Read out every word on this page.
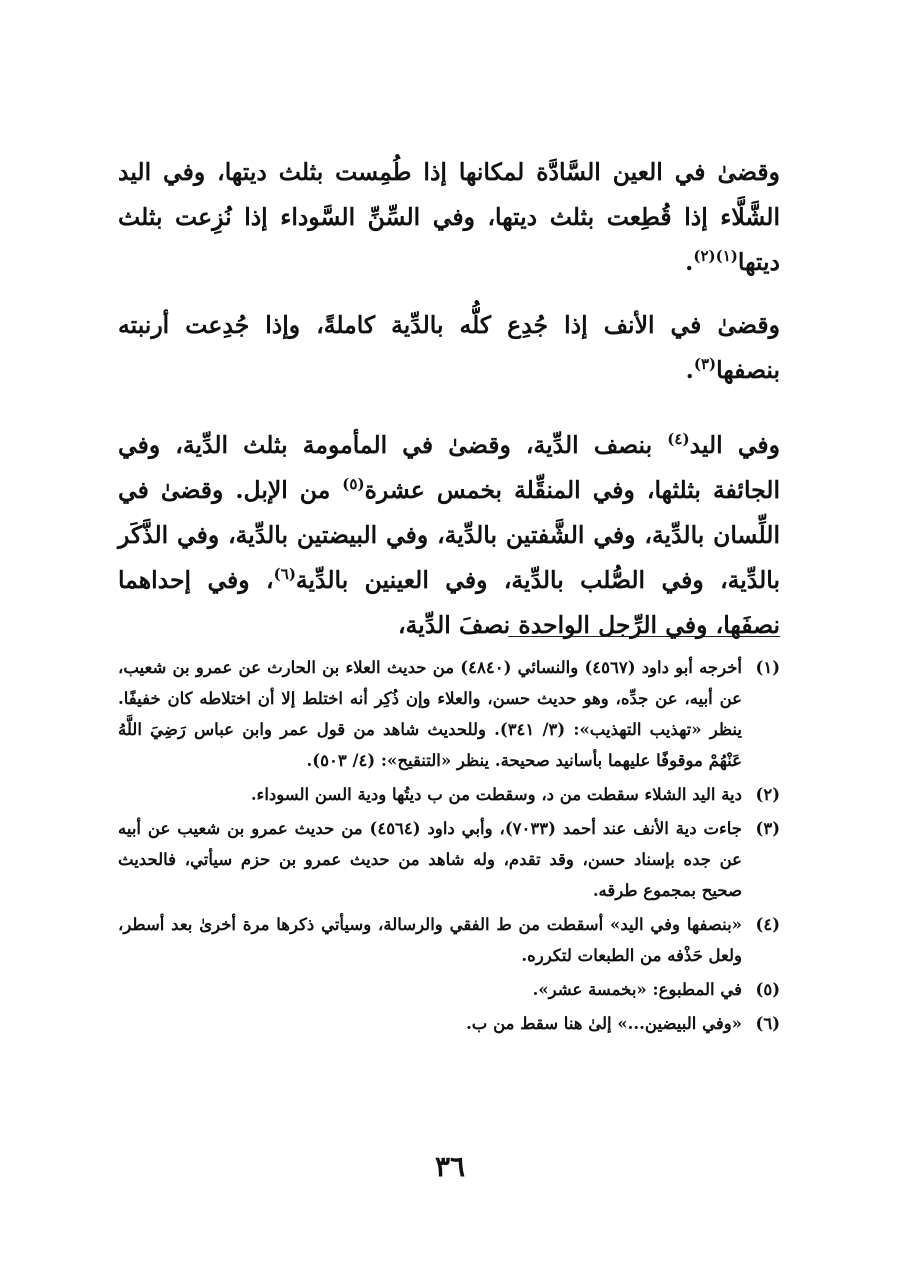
وقضىٰ في العين السَّادَّة لمكانها إذا طُمِست بثلث ديتها، وفي اليد الشَّلَّاء إذا قُطِعت بثلث ديتها، وفي السِّنِّ السَّوداء إذا نُزِعت بثلث ديتها$^{(١)(٢)}$.

وقضىٰ في الأنف إذا جُدِع كلُّه بالدِّية كاملةً، وإذا جُدِعت أرنبته بنصفها$^{(٣)}$.

وفي اليد$^{(٤)}$ بنصف الدِّية، وقضىٰ في المأمومة بثلث الدِّية، وفي الجائفة بثلثها، وفي المنقِّلة بخمس عشرة$^{(٥)}$ من الإبل. وقضىٰ في اللِّسان بالدِّية، وفي الشَّفتين بالدِّية، وفي البيضتين بالدِّية، وفي الذَّكَر بالدِّية، وفي الصُّلب بالدِّية، وفي العينين بالدِّية$^{(٦)}$، وفي إحداهما نصفَها، وفي الرِّجل الواحدة نصفَ الدِّية،

(١)
أخرجه أبو داود (٤٥٦٧) والنسائي (٤٨٤٠) من حديث العلاء بن الحارث عن عمرو بن شعيب، عن أبيه، عن جدِّه، وهو حديث حسن، والعلاء وإن ذُكِر أنه اختلط إلا أن اختلاطه كان خفيفًا. ينظر «تهذيب التهذيب»: (٣/ ٣٤١). وللحديث شاهد من قول عمر وابن عباس رَضِيَ اللَّهُ عَنْهُمْ موقوفًا عليهما بأسانيد صحيحة. ينظر «التنقيح»: (٤/ ٥٠٣).

(٢)
دية اليد الشلاء سقطت من د، وسقطت من ب ديتُها ودية السن السوداء.

(٣)
جاءت دية الأنف عند أحمد (٧٠٣٣)، وأبي داود (٤٥٦٤) من حديث عمرو بن شعيب عن أبيه عن جده بإسناد حسن، وقد تقدم، وله شاهد من حديث عمرو بن حزم سيأتي، فالحديث صحيح بمجموع طرقه.

(٤)
«بنصفها وفي اليد» أسقطت من ط الفقي والرسالة، وسيأتي ذكرها مرة أخرىٰ بعد أسطر، ولعل حَذْفه من الطبعات لتكرره.

(٥)
في المطبوع: «بخمسة عشر».

(٦)
«وفي البيضين...» إلىٰ هنا سقط من ب.

٣٦
